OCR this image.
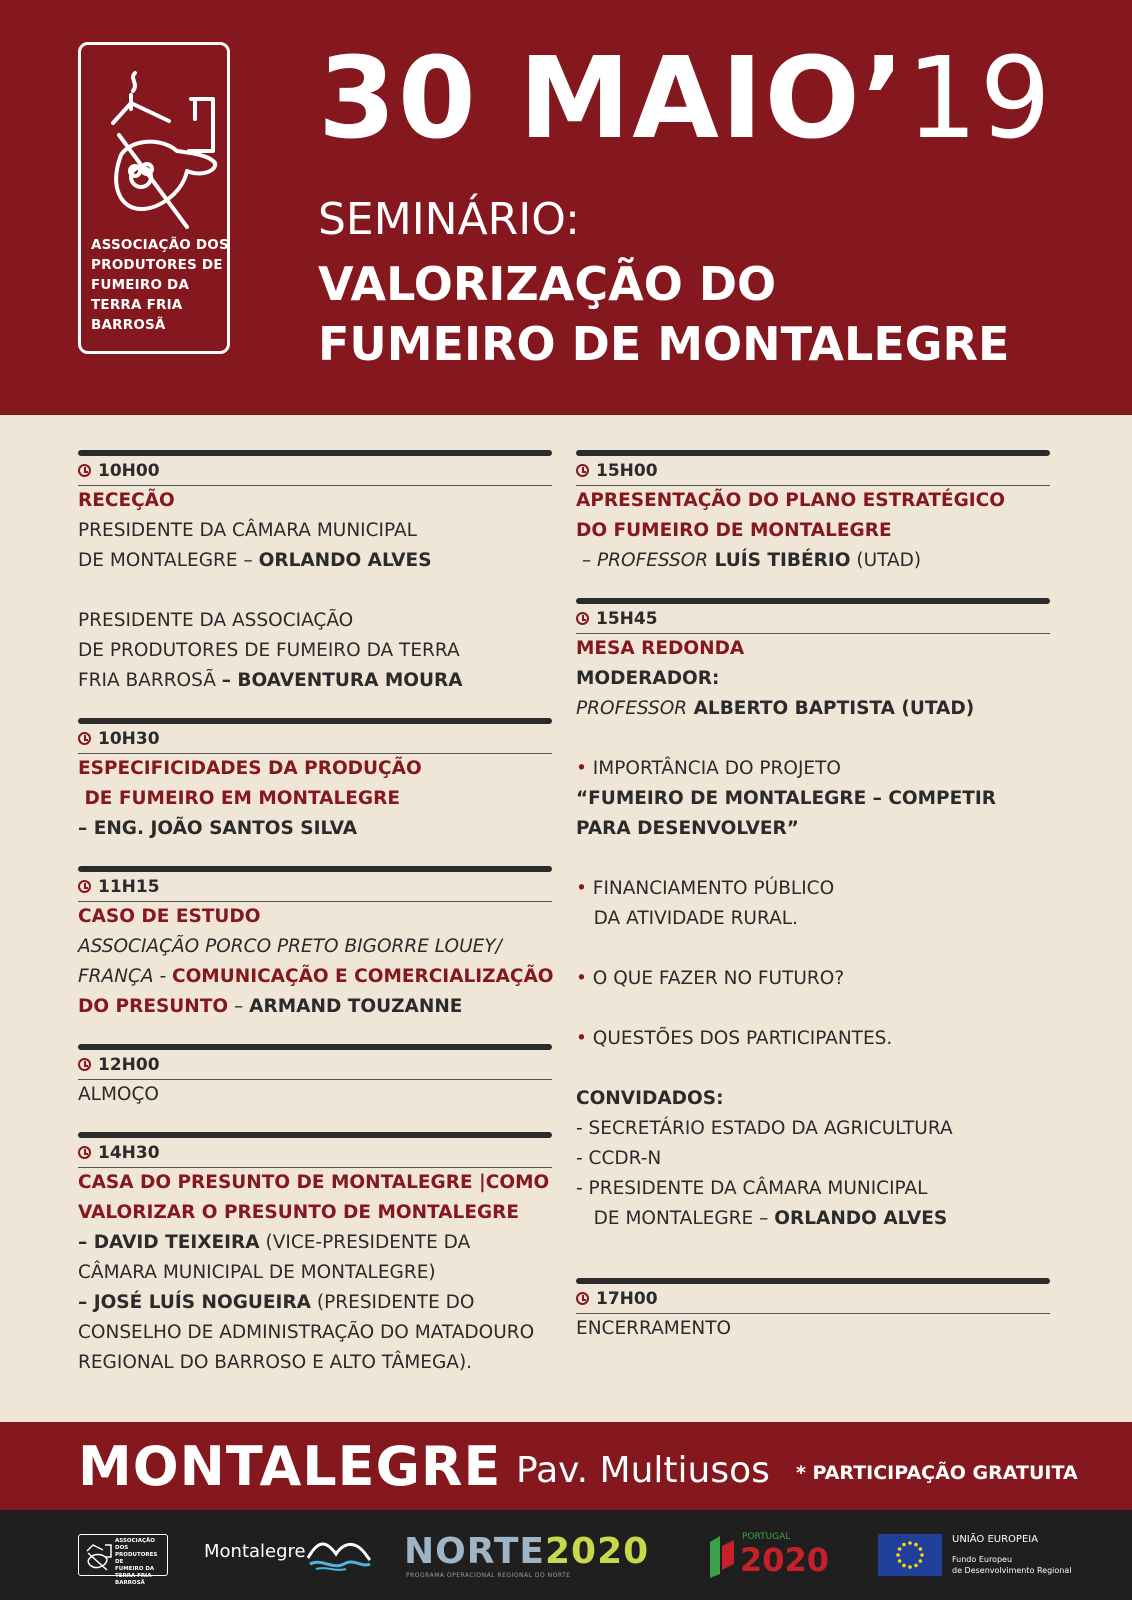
ASSOCIAÇÃO DOS
PRODUTORES DE
FUMEIRO DA
TERRA FRIA
BARROSÃ
30 MAIO’19
SEMINÁRIO:
VALORIZAÇÃO DO
FUMEIRO DE MONTALEGRE
10H00
RECEÇÃO
PRESIDENTE DA CÂMARA MUNICIPAL
DE MONTALEGRE – ORLANDO ALVES
PRESIDENTE DA ASSOCIAÇÃO
DE PRODUTORES DE FUMEIRO DA TERRA
FRIA BARROSÃ – BOAVENTURA MOURA
10H30
ESPECIFICIDADES DA PRODUÇÃO
DE FUMEIRO EM MONTALEGRE
– ENG. JOÃO SANTOS SILVA
11H15
CASO DE ESTUDO
ASSOCIAÇÃO PORCO PRETO BIGORRE LOUEY/
FRANÇA - COMUNICAÇÃO E COMERCIALIZAÇÃO
DO PRESUNTO – ARMAND TOUZANNE
12H00
ALMOÇO
14H30
CASA DO PRESUNTO DE MONTALEGRE |COMO
VALORIZAR O PRESUNTO DE MONTALEGRE
– DAVID TEIXEIRA (VICE-PRESIDENTE DA
CÂMARA MUNICIPAL DE MONTALEGRE)
– JOSÉ LUÍS NOGUEIRA (PRESIDENTE DO
CONSELHO DE ADMINISTRAÇÃO DO MATADOURO
REGIONAL DO BARROSO E ALTO TÂMEGA).
15H00
APRESENTAÇÃO DO PLANO ESTRATÉGICO
DO FUMEIRO DE MONTALEGRE
– PROFESSOR LUÍS TIBÉRIO (UTAD)
15H45
MESA REDONDA
MODERADOR:
PROFESSOR ALBERTO BAPTISTA (UTAD)
• IMPORTÂNCIA DO PROJETO
“FUMEIRO DE MONTALEGRE – COMPETIR
PARA DESENVOLVER”
• FINANCIAMENTO PÚBLICO
DA ATIVIDADE RURAL.
• O QUE FAZER NO FUTURO?
• QUESTÕES DOS PARTICIPANTES.
CONVIDADOS:
- SECRETÁRIO ESTADO DA AGRICULTURA
- CCDR-N
- PRESIDENTE DA CÂMARA MUNICIPAL
DE MONTALEGRE – ORLANDO ALVES
17H00
ENCERRAMENTO
MONTALEGRE Pav. Multiusos * PARTICIPAÇÃO GRATUITA
ASSOCIAÇÃO DOS
PRODUTORES DE
FUMEIRO DA
TERRA FRIA
BARROSÃ
Montalegre	NORTE2020
PROGRAMA OPERACIONAL REGIONAL DO NORTE
PORTUGAL
2020
UNIÃO EUROPEIA
Fundo Europeu
de Desenvolvimento Regional
